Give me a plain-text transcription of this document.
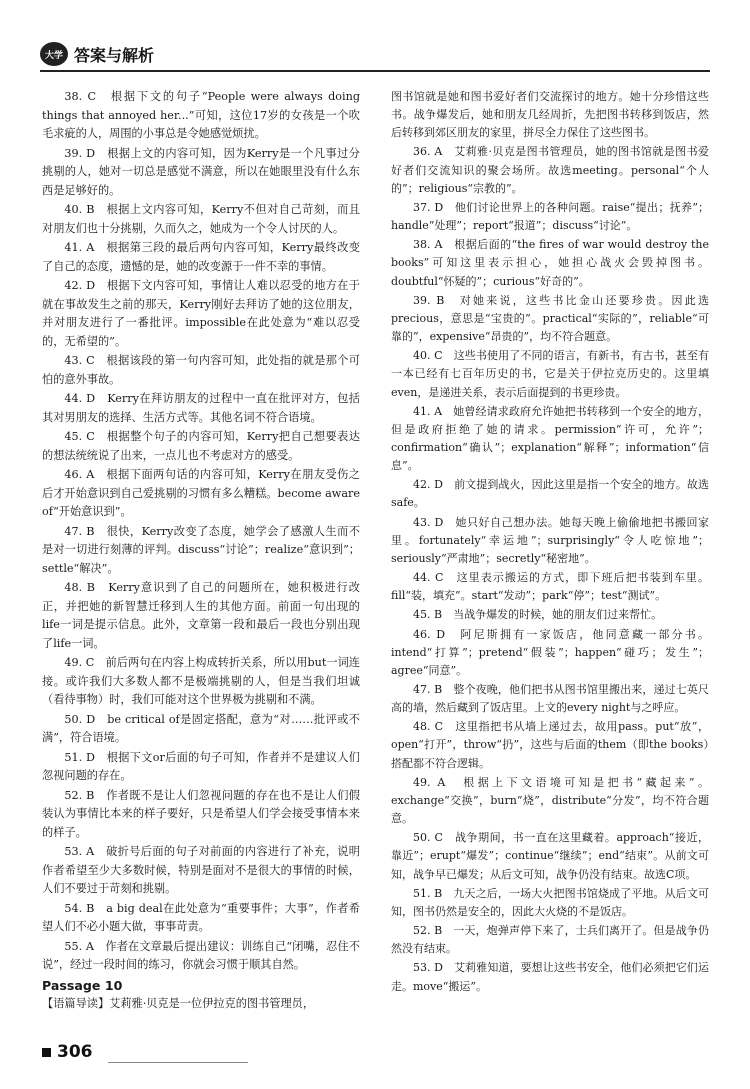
大学 答案与解析

38. C　根据下文的句子“People were always doing things that annoyed her...”可知，这位17岁的女孩是一个吹毛求疵的人，周围的小事总是令她感觉烦扰。

39. D　根据上文的内容可知，因为Kerry是一个凡事过分挑剔的人，她对一切总是感觉不满意，所以在她眼里没有什么东西是足够好的。

40. B　根据上文内容可知，Kerry不但对自己苛刻，而且对朋友们也十分挑剔，久而久之，她成为一个令人讨厌的人。

41. A　根据第三段的最后两句内容可知，Kerry最终改变了自己的态度，遗憾的是，她的改变源于一件不幸的事情。

42. D　根据下文内容可知，事情让人难以忍受的地方在于就在事故发生之前的那天，Kerry刚好去拜访了她的这位朋友，并对朋友进行了一番批评。impossible在此处意为“难以忍受的，无希望的”。

43. C　根据该段的第一句内容可知，此处指的就是那个可怕的意外事故。

44. D　Kerry在拜访朋友的过程中一直在批评对方，包括其对男朋友的选择、生活方式等。其他名词不符合语境。

45. C　根据整个句子的内容可知，Kerry把自己想要表达的想法统统说了出来，一点儿也不考虑对方的感受。

46. A　根据下面两句话的内容可知，Kerry在朋友受伤之后才开始意识到自己爱挑剔的习惯有多么糟糕。become aware of“开始意识到”。

47. B　很快，Kerry改变了态度，她学会了感激人生而不是对一切进行刻薄的评判。discuss“讨论”；realize“意识到”；settle“解决”。

48. B　Kerry意识到了自己的问题所在，她积极进行改正，并把她的新智慧迁移到人生的其他方面。前面一句出现的life一词是提示信息。此外，文章第一段和最后一段也分别出现了life一词。

49. C　前后两句在内容上构成转折关系，所以用but一词连接。或许我们大多数人都不是极端挑剔的人，但是当我们坦诚（看待事物）时，我们可能对这个世界极为挑剔和不满。

50. D　be critical of是固定搭配，意为“对……批评或不满”，符合语境。

51. D　根据下文or后面的句子可知，作者并不是建议人们忽视问题的存在。

52. B　作者既不是让人们忽视问题的存在也不是让人们假装认为事情比本来的样子要好，只是希望人们学会接受事情本来的样子。

53. A　破折号后面的句子对前面的内容进行了补充，说明作者希望至少大多数时候，特别是面对不是很大的事情的时候，人们不要过于苛刻和挑剔。

54. B　a big deal在此处意为“重要事件；大事”，作者希望人们不必小题大做，事事苛责。

55. A　作者在文章最后提出建议：训练自己“闭嘴，忍住不说”，经过一段时间的练习，你就会习惯于顺其自然。

Passage 10

【语篇导读】艾莉雅·贝克是一位伊拉克的图书管理员，

图书馆就是她和图书爱好者们交流探讨的地方。她十分珍惜这些书。战争爆发后，她和朋友几经周折，先把图书转移到饭店，然后转移到郊区朋友的家里，拼尽全力保住了这些图书。

36. A　艾莉雅·贝克是图书管理员，她的图书馆就是图书爱好者们交流知识的聚会场所。故选meeting。personal“个人的”；religious“宗教的”。

37. D　他们讨论世界上的各种问题。raise“提出；抚养”；handle“处理”；report“报道”；discuss“讨论”。

38. A　根据后面的“the fires of war would destroy the books”可知这里表示担心，她担心战火会毁掉图书。doubtful“怀疑的”；curious“好奇的”。

39. B　对她来说，这些书比金山还要珍贵。因此选precious，意思是“宝贵的”。practical“实际的”，reliable“可靠的”，expensive“昂贵的”，均不符合题意。

40. C　这些书使用了不同的语言，有新书，有古书，甚至有一本已经有七百年历史的书，它是关于伊拉克历史的。这里填even，是递进关系，表示后面提到的书更珍贵。

41. A　她曾经请求政府允许她把书转移到一个安全的地方，但是政府拒绝了她的请求。permission“许可，允许”；confirmation“确认”；explanation“解释”；information“信息”。

42. D　前文提到战火，因此这里是指一个安全的地方。故选safe。

43. D　她只好自己想办法。她每天晚上偷偷地把书搬回家里。fortunately“幸运地”；surprisingly“令人吃惊地”；seriously“严肃地”；secretly“秘密地”。

44. C　这里表示搬运的方式，即下班后把书装到车里。fill“装，填充”。start“发动”；park“停”；test“测试”。

45. B　当战争爆发的时候，她的朋友们过来帮忙。

46. D　阿尼斯拥有一家饭店，他同意藏一部分书。intend“打算”；pretend“假装”；happen“碰巧；发生”；agree“同意”。

47. B　整个夜晚，他们把书从图书馆里搬出来，递过七英尺高的墙，然后藏到了饭店里。上文的every night与之呼应。

48. C　这里指把书从墙上递过去，故用pass。put“放”，open“打开”，throw“扔”，这些与后面的them（即the books）搭配都不符合逻辑。

49. A　根据上下文语境可知是把书“藏起来”。exchange“交换”，burn“烧”，distribute“分发”，均不符合题意。

50. C　战争期间，书一直在这里藏着。approach“接近，靠近”；erupt“爆发”；continue“继续”；end“结束”。从前文可知，战争早已爆发；从后文可知，战争仍没有结束。故选C项。

51. B　九天之后，一场大火把图书馆烧成了平地。从后文可知，图书仍然是安全的，因此大火烧的不是饭店。

52. B　一天，炮弹声停下来了，士兵们离开了。但是战争仍然没有结束。

53. D　艾莉雅知道，要想让这些书安全，他们必须把它们运走。move“搬运”。

306
